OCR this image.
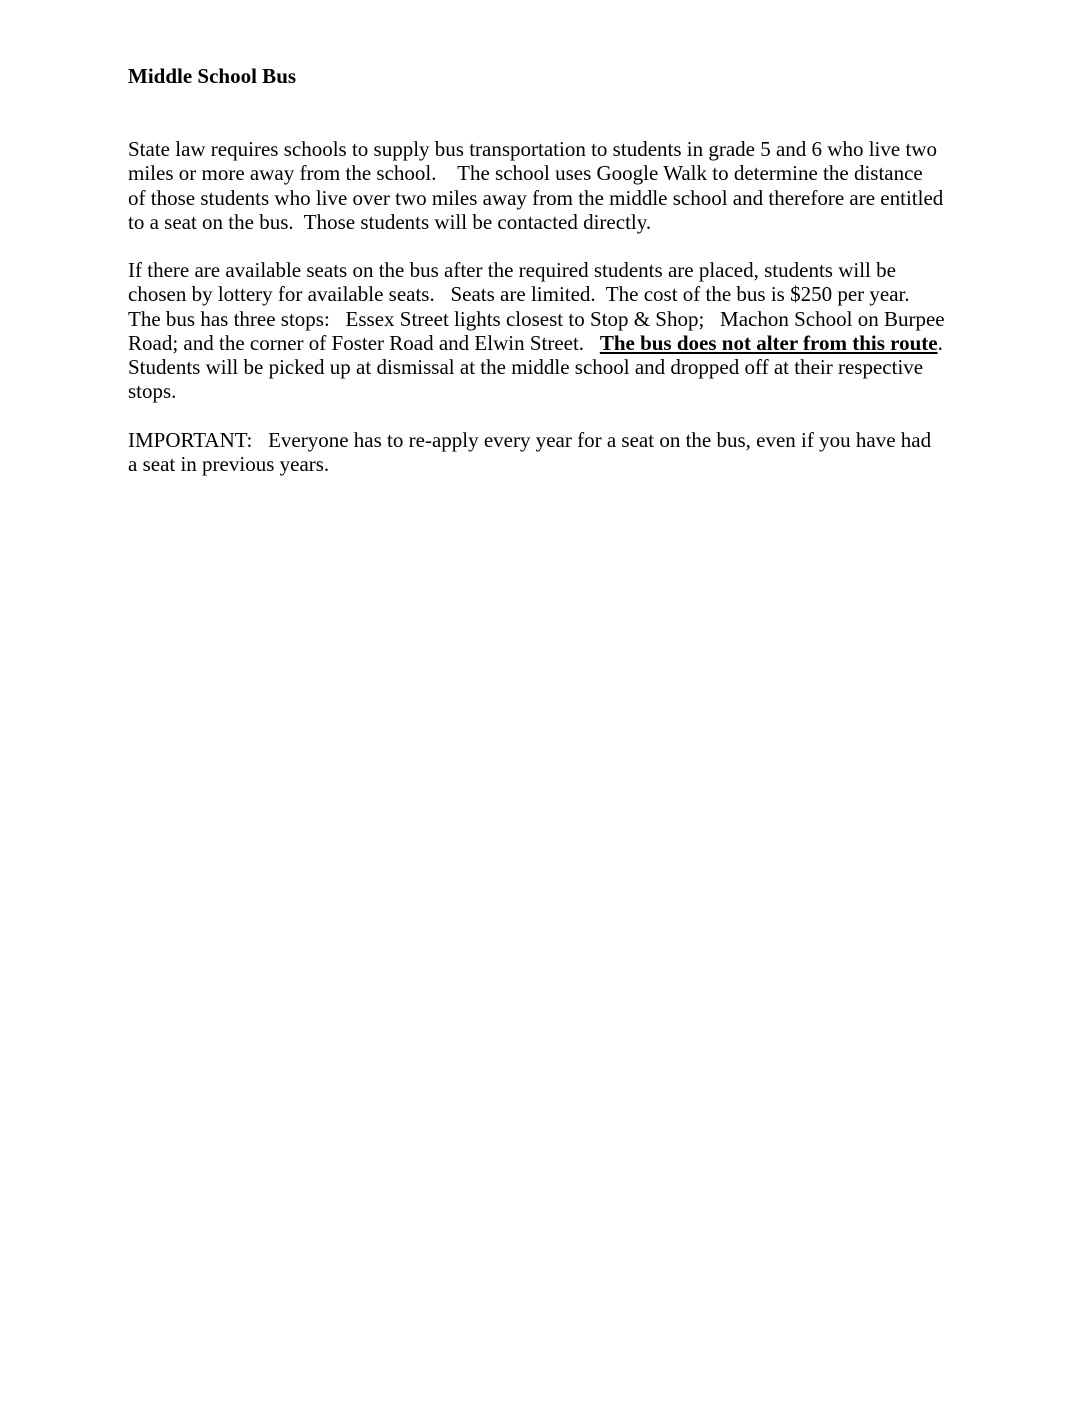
Middle School Bus
State law requires schools to supply bus transportation to students in grade 5 and 6 who live two
miles or more away from the school.    The school uses Google Walk to determine the distance
of those students who live over two miles away from the middle school and therefore are entitled
to a seat on the bus.  Those students will be contacted directly.
If there are available seats on the bus after the required students are placed, students will be
chosen by lottery for available seats.   Seats are limited.  The cost of the bus is $250 per year.
The bus has three stops:   Essex Street lights closest to Stop & Shop;   Machon School on Burpee
Road; and the corner of Foster Road and Elwin Street. The bus does not alter from this route.
Students will be picked up at dismissal at the middle school and dropped off at their respective
stops.
IMPORTANT:   Everyone has to re-apply every year for a seat on the bus, even if you have had
a seat in previous years.
